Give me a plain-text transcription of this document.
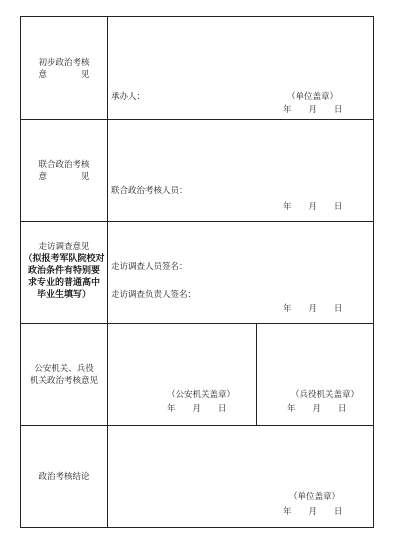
初步政治考核
意　　　　见
承办人：	（单位盖章）
年　　月　　日
联合政治考核
意　　　　见
联合政治考核人员：
年　　月　　日
走访调查意见
（拟报考军队院校对
政治条件有特别要
求专业的普通高中
毕业生填写）
走访调查人员签名：
走访调查负责人签名：
年　　月　　日
公安机关、兵役
机关政治考核意见
（公安机关盖章）
年　　月　　日
（兵役机关盖章）
年　　月　　日
政治考核结论
（单位盖章）
年　　月　　日
